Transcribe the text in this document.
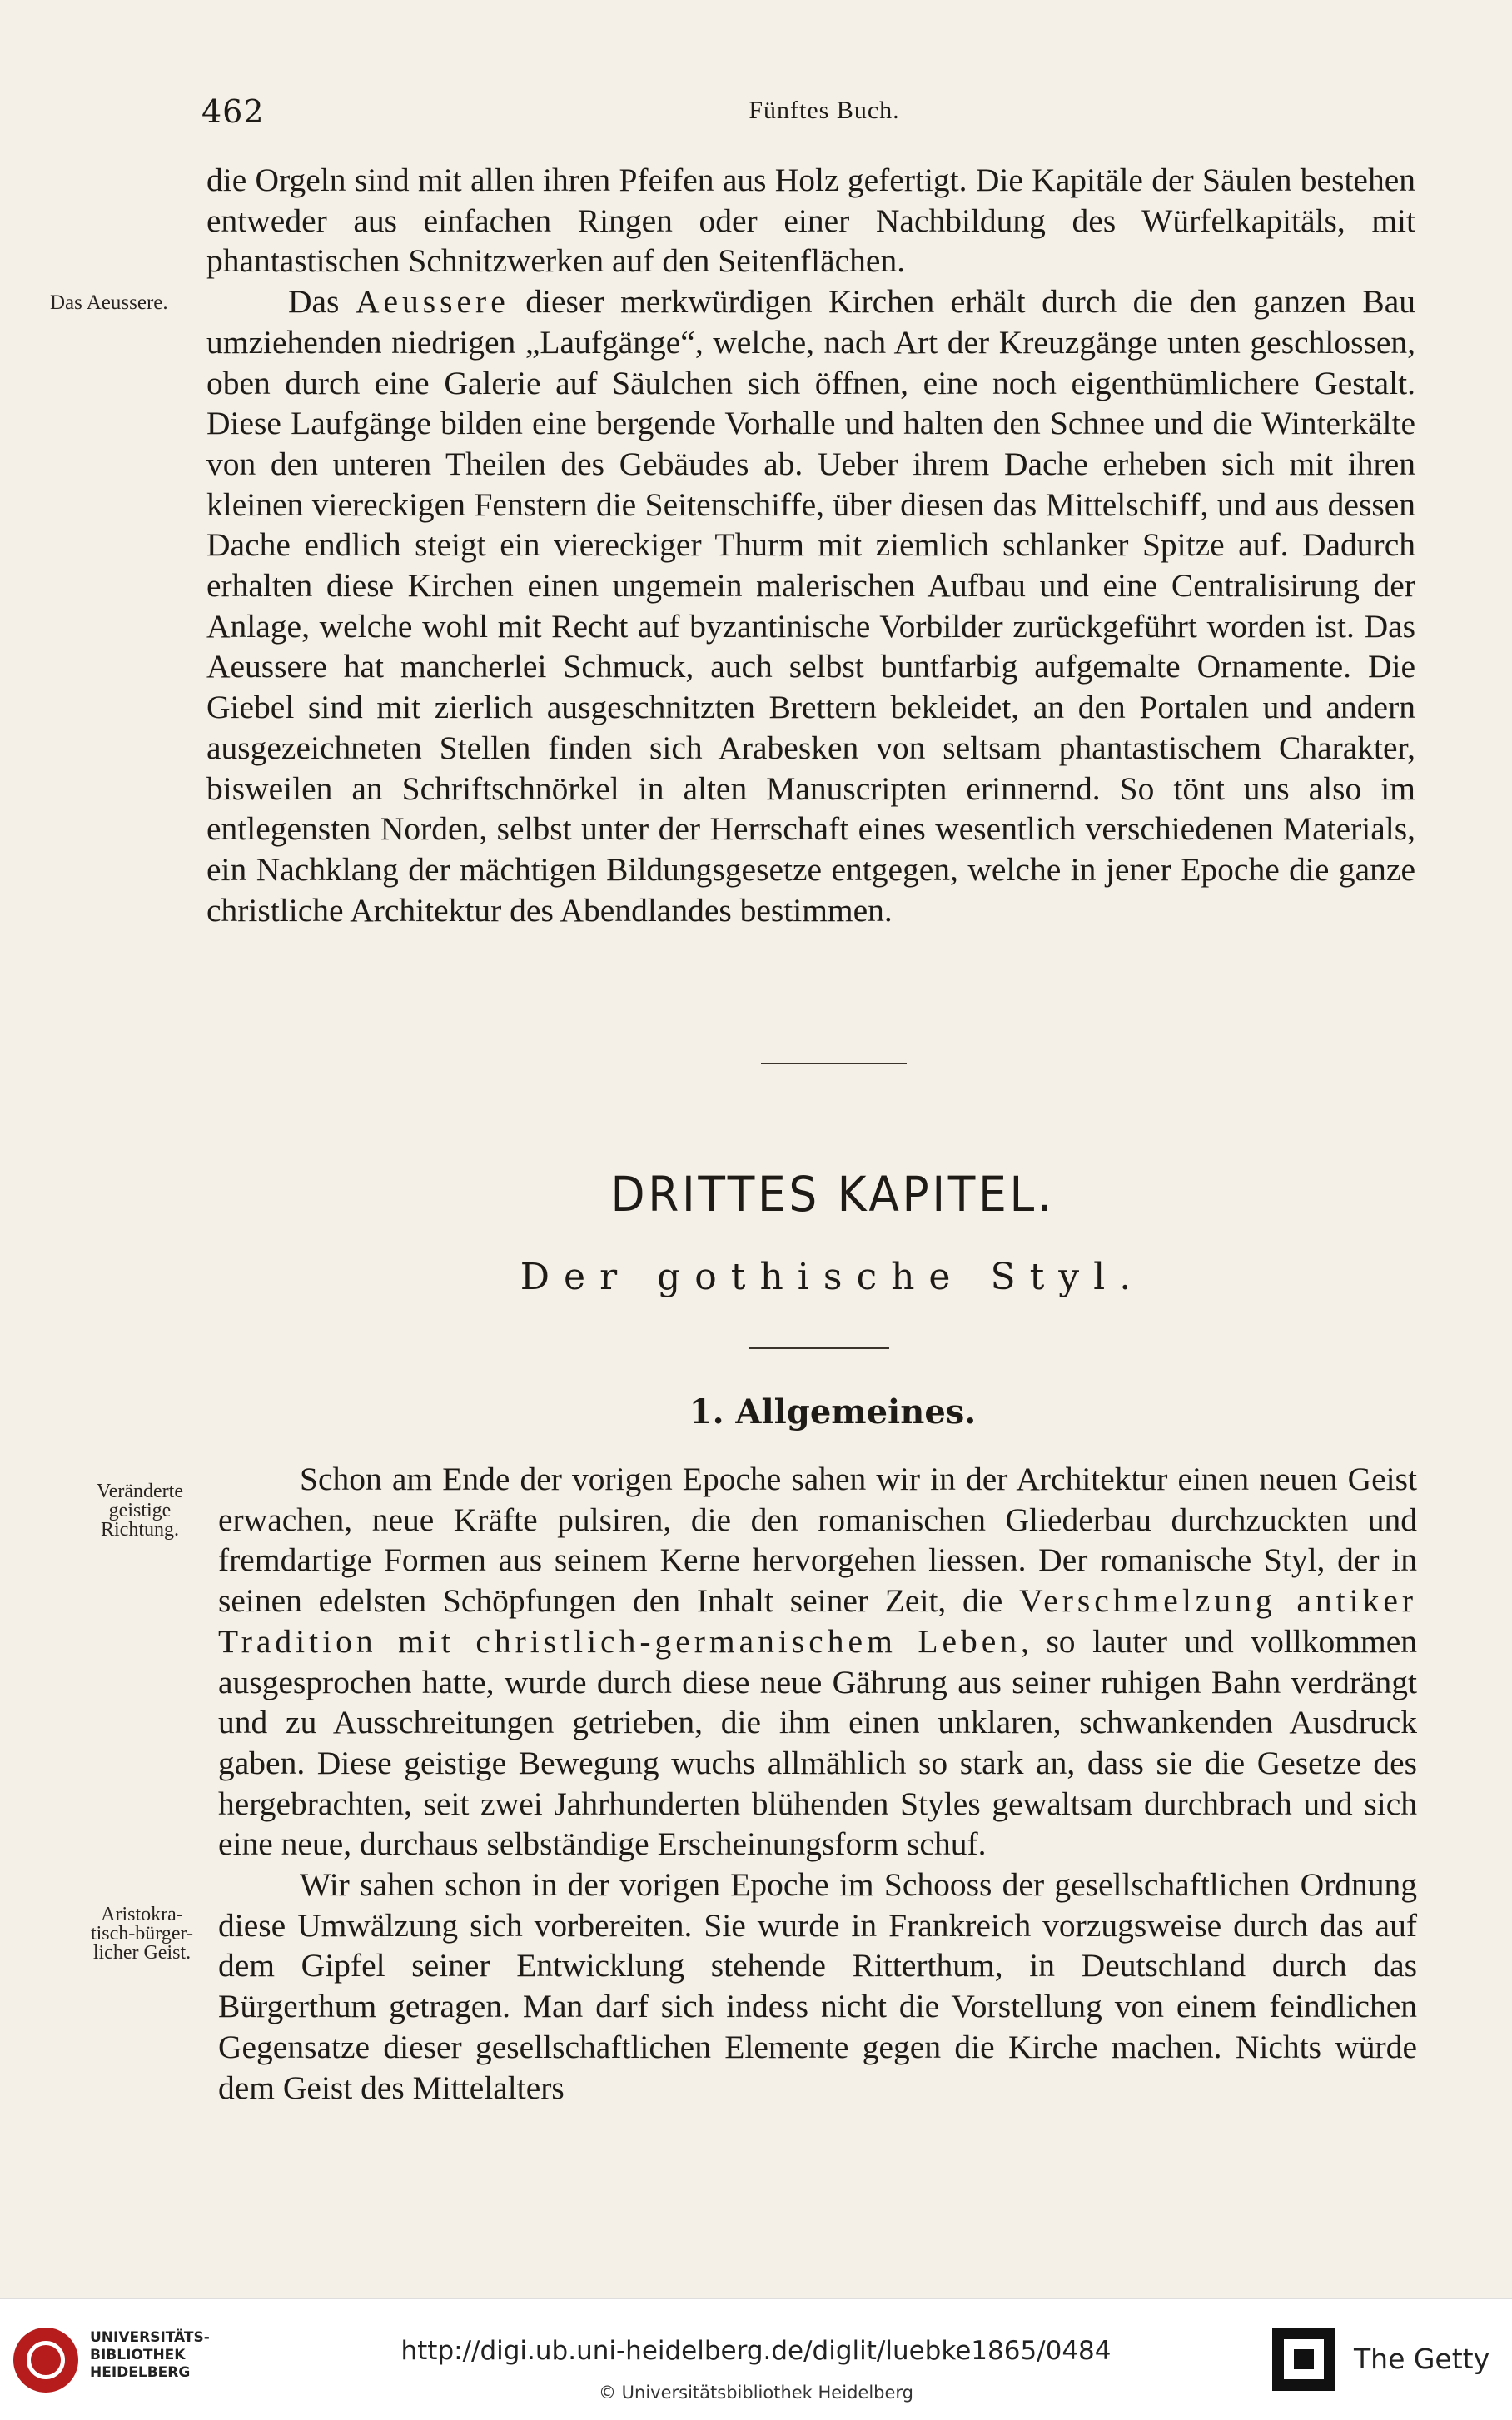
462	Fünftes Buch.
Das Aeussere.

die Orgeln sind mit allen ihren Pfeifen aus Holz gefertigt. Die Kapitäle der Säulen bestehen entweder aus einfachen Ringen oder einer Nachbildung des Würfelkapitäls, mit phantastischen Schnitzwerken auf den Seitenflächen.

Das Aeussere dieser merkwürdigen Kirchen erhält durch die den ganzen Bau umziehenden niedrigen „Laufgänge“, welche, nach Art der Kreuzgänge unten geschlossen, oben durch eine Galerie auf Säulchen sich öffnen, eine noch eigenthümlichere Gestalt. Diese Laufgänge bilden eine bergende Vorhalle und halten den Schnee und die Winterkälte von den unteren Theilen des Gebäudes ab. Ueber ihrem Dache erheben sich mit ihren kleinen viereckigen Fenstern die Seitenschiffe, über diesen das Mittelschiff, und aus dessen Dache endlich steigt ein viereckiger Thurm mit ziemlich schlanker Spitze auf. Dadurch erhalten diese Kirchen einen ungemein malerischen Aufbau und eine Centralisirung der Anlage, welche wohl mit Recht auf byzantinische Vorbilder zurückgeführt worden ist. Das Aeussere hat mancherlei Schmuck, auch selbst buntfarbig aufgemalte Ornamente. Die Giebel sind mit zierlich ausgeschnitzten Brettern bekleidet, an den Portalen und andern ausgezeichneten Stellen finden sich Arabesken von seltsam phantastischem Charakter, bisweilen an Schriftschnörkel in alten Manuscripten erinnernd. So tönt uns also im entlegensten Norden, selbst unter der Herrschaft eines wesentlich verschiedenen Materials, ein Nachklang der mächtigen Bildungsgesetze entgegen, welche in jener Epoche die ganze christliche Architektur des Abendlandes bestimmen.

DRITTES KAPITEL.
Der gothische Styl.
1. Allgemeines.
Veränderte
geistige
Richtung.
Aristokra-
tisch-bürger-
licher Geist.

Schon am Ende der vorigen Epoche sahen wir in der Architektur einen neuen Geist erwachen, neue Kräfte pulsiren, die den romanischen Gliederbau durchzuckten und fremdartige Formen aus seinem Kerne hervorgehen liessen. Der romanische Styl, der in seinen edelsten Schöpfungen den Inhalt seiner Zeit, die Verschmelzung antiker Tradition mit christlich-germanischem Leben, so lauter und vollkommen ausgesprochen hatte, wurde durch diese neue Gährung aus seiner ruhigen Bahn verdrängt und zu Ausschreitungen getrieben, die ihm einen unklaren, schwankenden Ausdruck gaben. Diese geistige Bewegung wuchs allmählich so stark an, dass sie die Gesetze des hergebrachten, seit zwei Jahrhunderten blühenden Styles gewaltsam durchbrach und sich eine neue, durchaus selbständige Erscheinungsform schuf.

Wir sahen schon in der vorigen Epoche im Schooss der gesellschaftlichen Ordnung diese Umwälzung sich vorbereiten. Sie wurde in Frankreich vorzugsweise durch das auf dem Gipfel seiner Entwicklung stehende Ritterthum, in Deutschland durch das Bürgerthum getragen. Man darf sich indess nicht die Vorstellung von einem feindlichen Gegensatze dieser gesellschaftlichen Elemente gegen die Kirche machen. Nichts würde dem Geist des Mittelalters

UNIVERSITÄTS-
BIBLIOTHEK
HEIDELBERG
http://digi.ub.uni-heidelberg.de/diglit/luebke1865/0484
© Universitätsbibliothek Heidelberg
The Getty
